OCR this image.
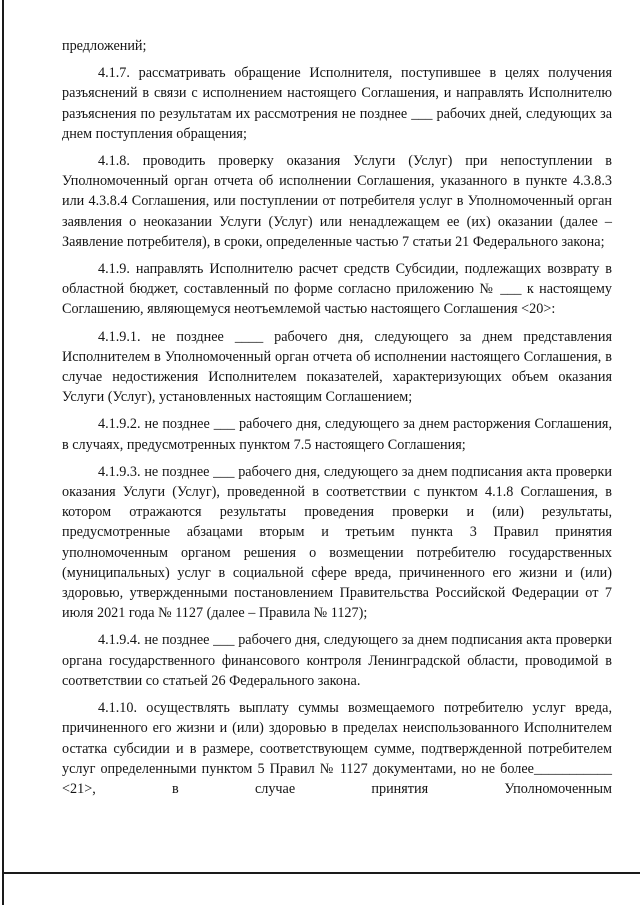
предложений;

4.1.7. рассматривать обращение Исполнителя, поступившее в целях получения разъяснений в связи с исполнением настоящего Соглашения, и направлять Исполнителю разъяснения по результатам их рассмотрения не позднее ___ рабочих дней, следующих за днем поступления обращения;

4.1.8. проводить проверку оказания Услуги (Услуг) при непоступлении в Уполномоченный орган отчета об исполнении Соглашения, указанного в пункте 4.3.8.3 или 4.3.8.4 Соглашения, или поступлении от потребителя услуг в Уполномоченный орган заявления о неоказании Услуги (Услуг) или ненадлежащем ее (их) оказании (далее – Заявление потребителя), в сроки, определенные частью 7 статьи 21 Федерального закона;

4.1.9. направлять Исполнителю расчет средств Субсидии, подлежащих возврату в областной бюджет, составленный по форме согласно приложению № ___ к настоящему Соглашению, являющемуся неотъемлемой частью настоящего Соглашения <20>:

4.1.9.1. не позднее ____ рабочего дня, следующего за днем представления Исполнителем в Уполномоченный орган отчета об исполнении настоящего Соглашения, в случае недостижения Исполнителем показателей, характеризующих объем оказания Услуги (Услуг), установленных настоящим Соглашением;

4.1.9.2. не позднее ___ рабочего дня, следующего за днем расторжения Соглашения, в случаях, предусмотренных пунктом 7.5 настоящего Соглашения;

4.1.9.3. не позднее ___ рабочего дня, следующего за днем подписания акта проверки оказания Услуги (Услуг), проведенной в соответствии с пунктом 4.1.8 Соглашения, в котором отражаются результаты проведения проверки и (или) результаты, предусмотренные абзацами вторым и третьим пункта 3 Правил принятия уполномоченным органом решения о возмещении потребителю государственных (муниципальных) услуг в социальной сфере вреда, причиненного его жизни и (или) здоровью, утвержденными постановлением Правительства Российской Федерации от 7 июля 2021 года № 1127 (далее – Правила № 1127);

4.1.9.4. не позднее ___ рабочего дня, следующего за днем подписания акта проверки органа государственного финансового контроля Ленинградской области, проводимой в соответствии со статьей 26 Федерального закона.

4.1.10. осуществлять выплату суммы возмещаемого потребителю услуг вреда, причиненного его жизни и (или) здоровью в пределах неиспользованного Исполнителем остатка субсидии и в размере, соответствующем сумме, подтвержденной потребителем услуг определенными пунктом 5 Правил № 1127 документами, но не более___________ <21>, в случае принятия Уполномоченным
